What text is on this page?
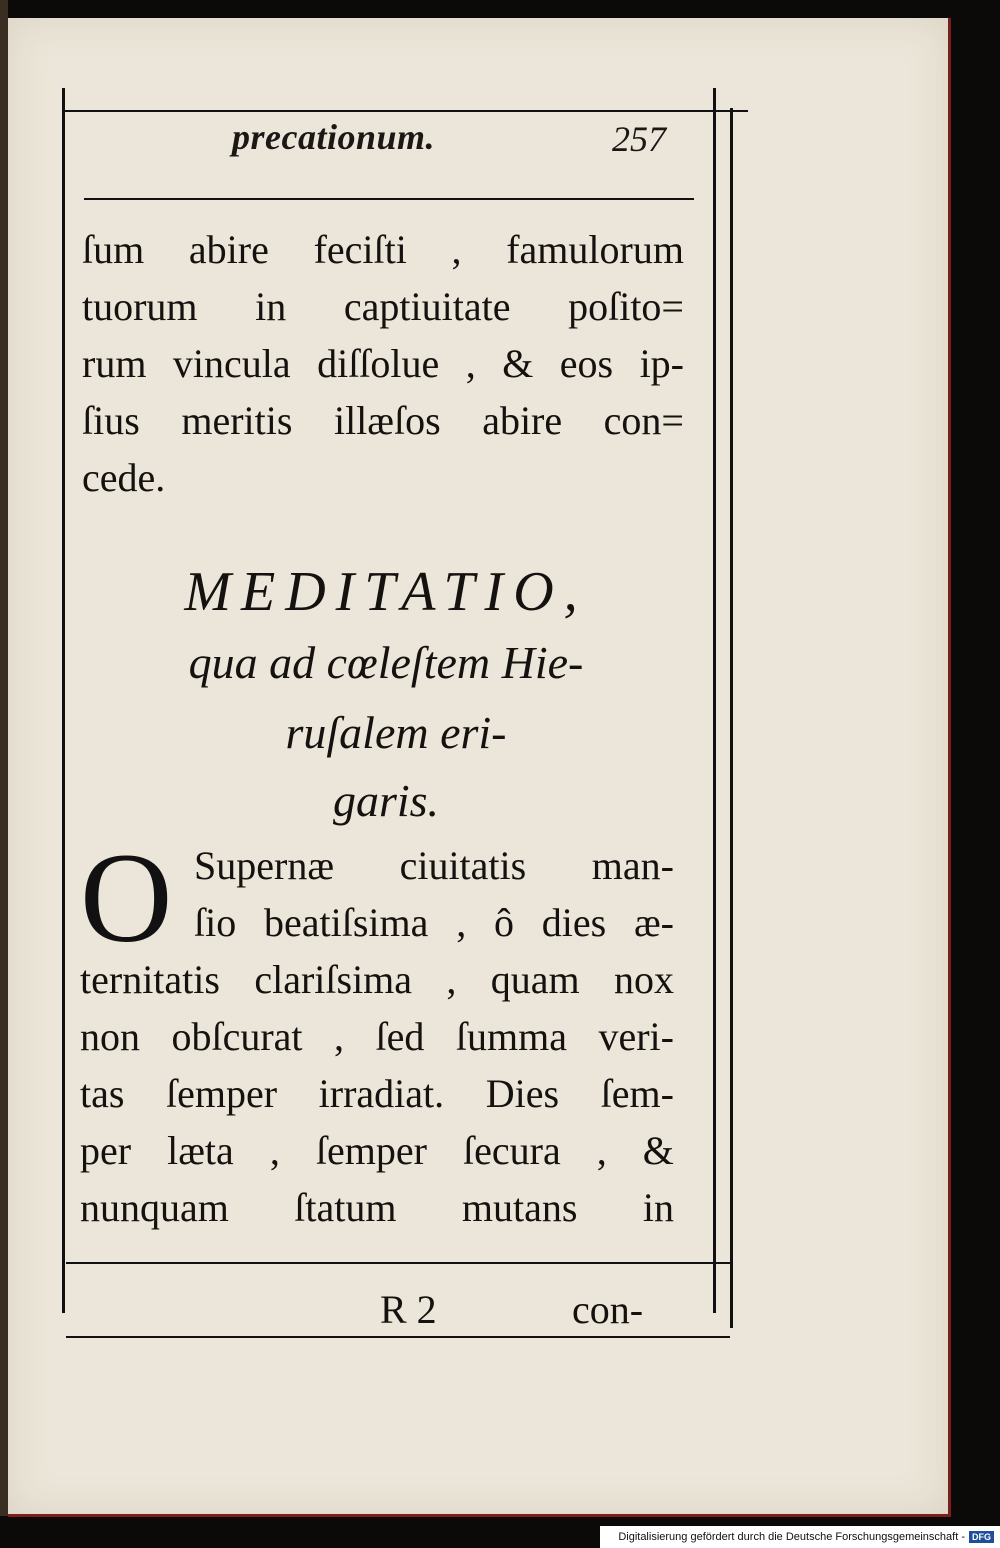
precationum.	257
ſum abire feciſti , famulorum
tuorum in captiuitate poſito=
rum vincula diſſolue , & eos ip-
ſius meritis illæſos abire con=
cede.
MEDITATIO,
qua ad cœleſtem Hie-
ruſalem eri-
garis.
O Supernæ ciuitatis man-
ſio beatiſsima , ô dies æ-
ternitatis clariſsima , quam nox
non obſcurat , ſed ſumma veri-
tas ſemper irradiat. Dies ſem-
per læta , ſemper ſecura , &
nunquam ſtatum mutans in
R 2	con-
Digitalisierung gefördert durch die Deutsche Forschungsgemeinschaft - DFG
